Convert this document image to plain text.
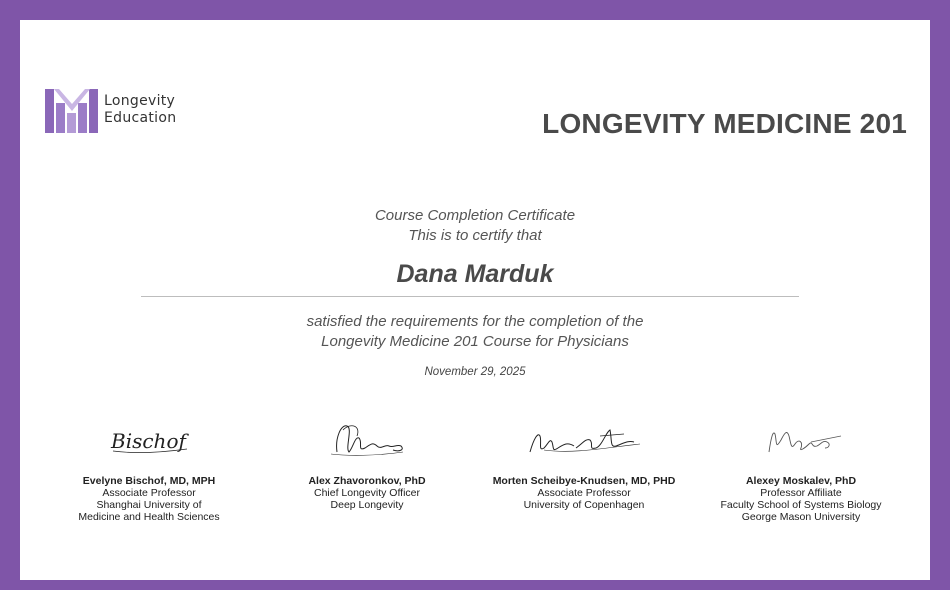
Longevity
Education	LONGEVITY MEDICINE 201
Course Completion Certificate
This is to certify that
Dana Marduk
satisfied the requirements for the completion of the
Longevity Medicine 201 Course for Physicians
November 29, 2025
Bischof
Evelyne Bischof, MD, MPH
Associate Professor
Shanghai University of
Medicine and Health Sciences
Alex Zhavoronkov, PhD
Chief Longevity Officer
Deep Longevity
Morten Scheibye-Knudsen, MD, PHD
Associate Professor
University of Copenhagen
Alexey Moskalev, PhD
Professor Affiliate
Faculty School of Systems Biology
George Mason University
